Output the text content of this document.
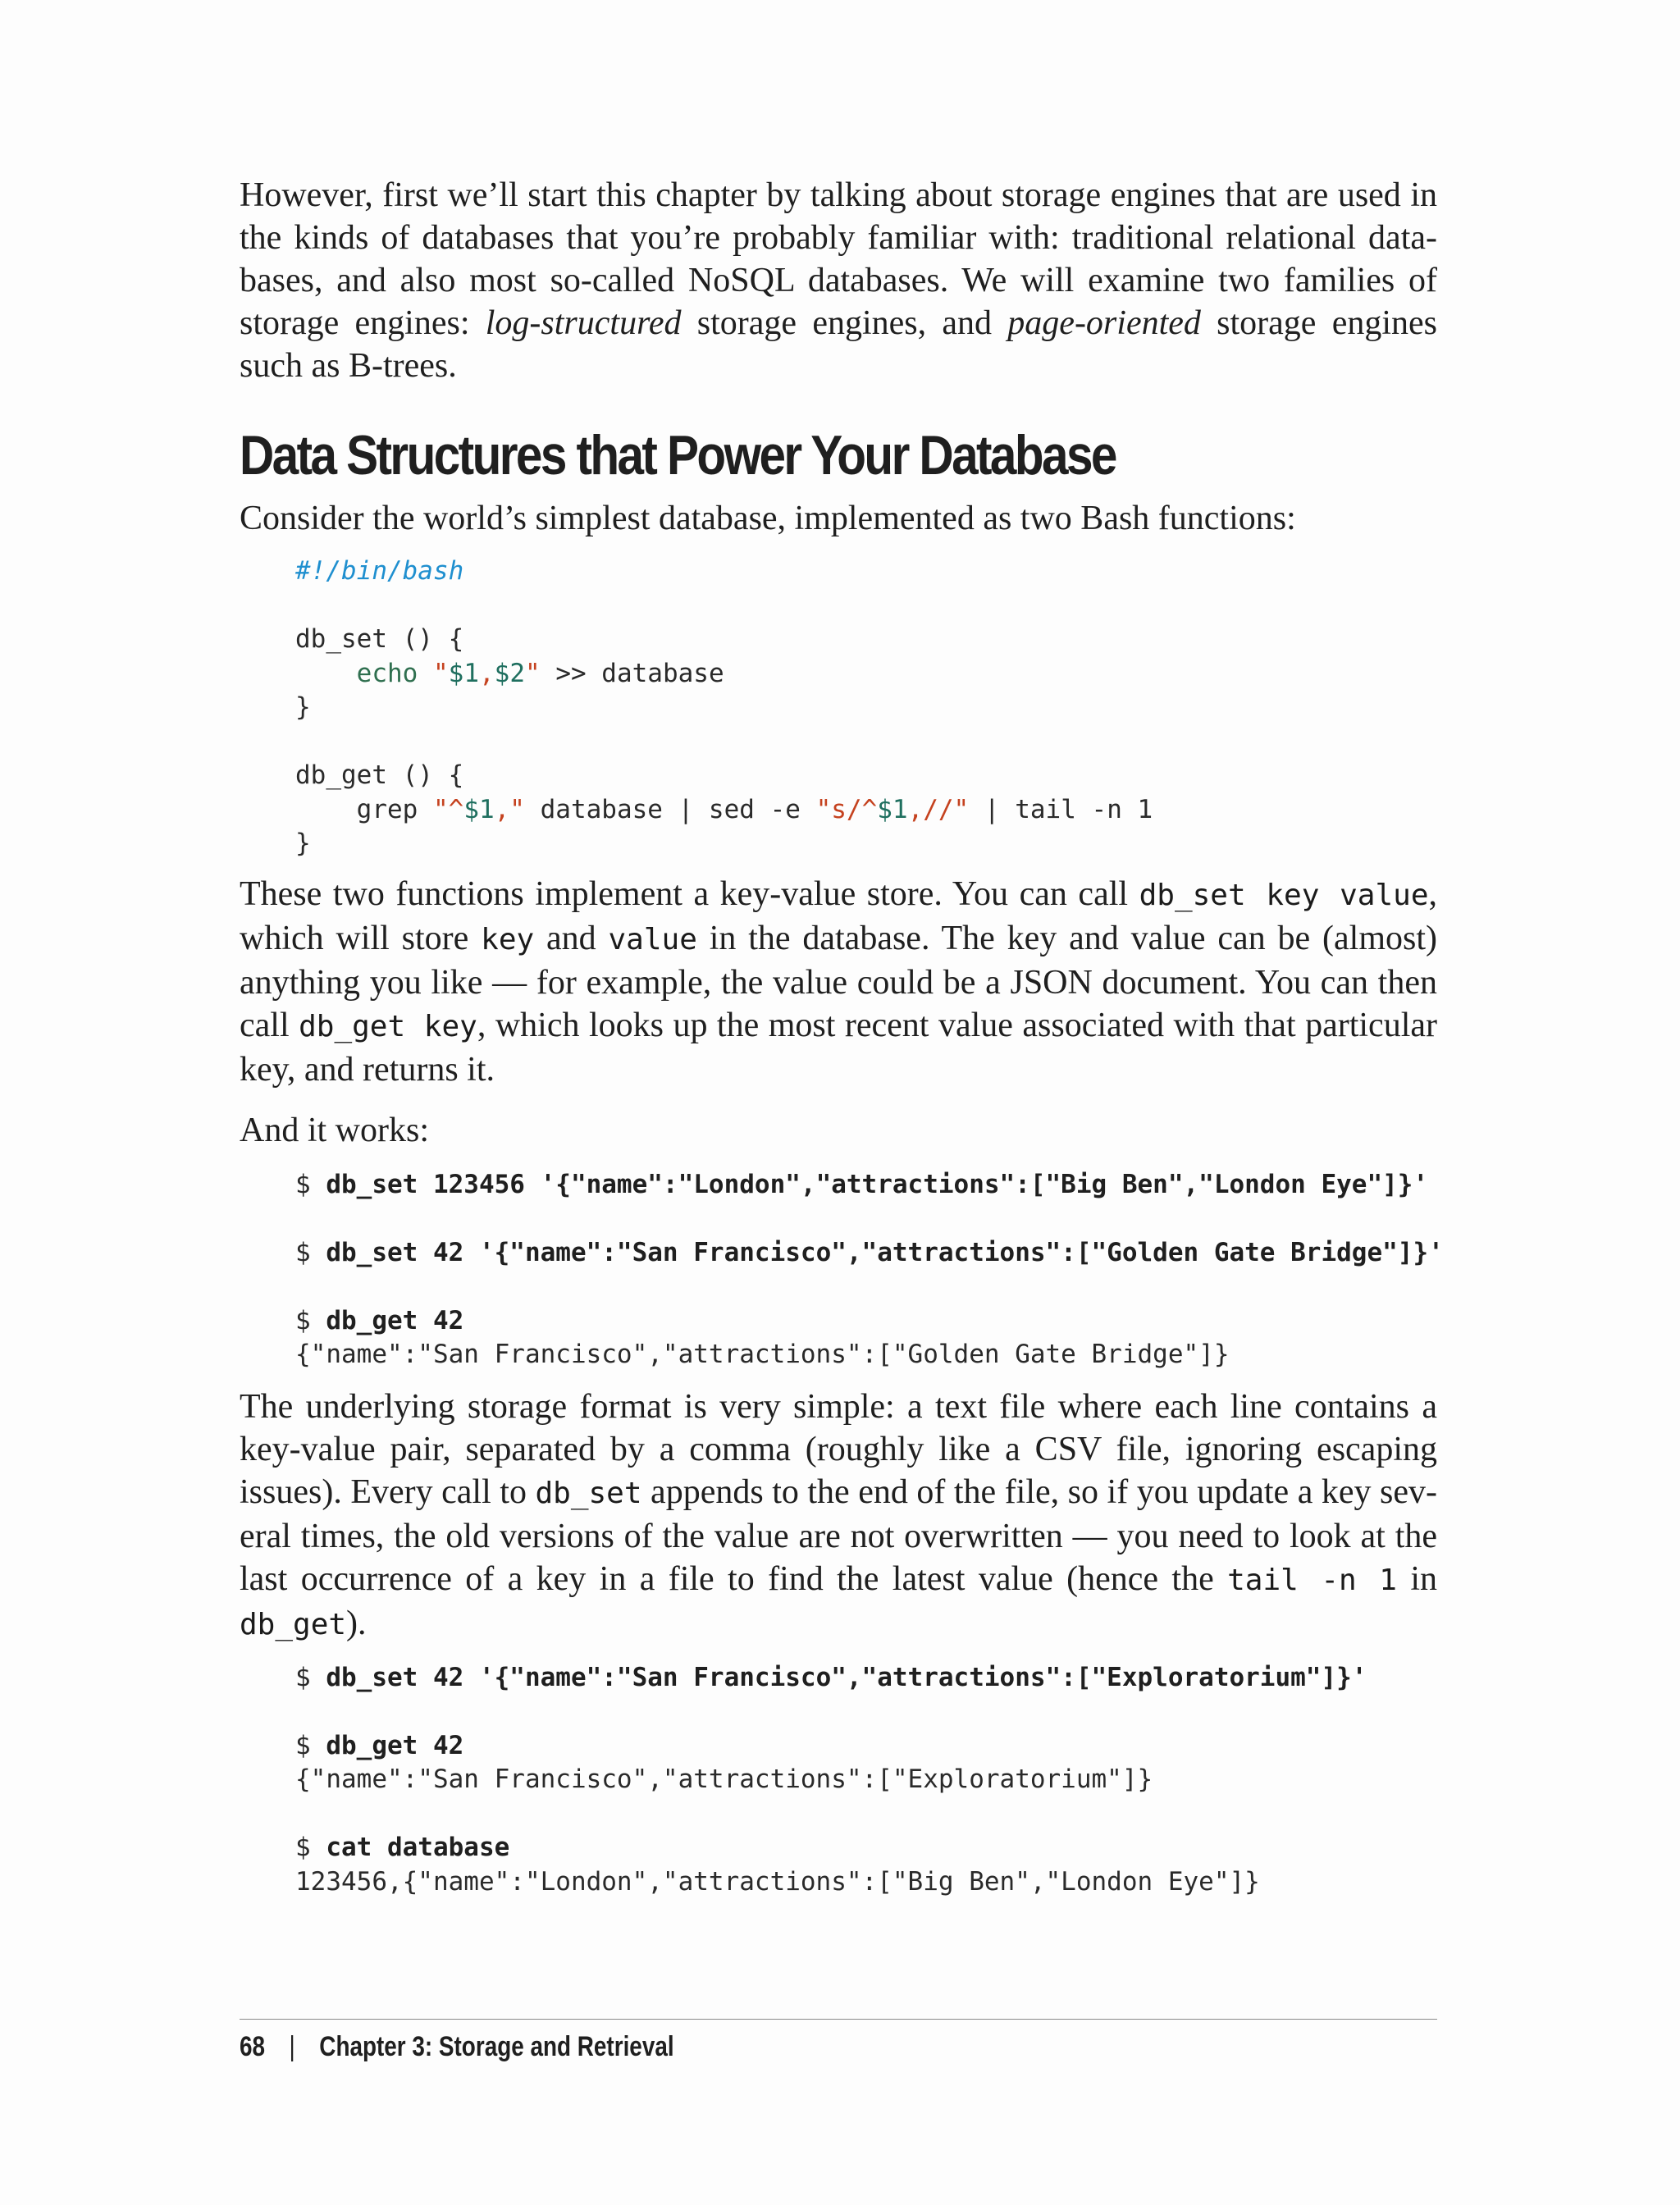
However, first we’ll start this chapter by talking about storage engines that are used in the kinds of databases that you’re probably familiar with: traditional relational data‐ bases, and also most so-called NoSQL databases. We will examine two families of storage engines: log-structured storage engines, and page-oriented storage engines such as B-trees.

Data Structures that Power Your Database

Consider the world’s simplest database, implemented as two Bash functions:

#!/bin/bash

db_set () {
echo "$1,$2" >> database
}

db_get () {
grep "^$1," database | sed -e "s/^$1,//" | tail -n 1
}

These two functions implement a key-value store. You can call db_set key value, which will store key and value in the database. The key and value can be (almost) anything you like — for example, the value could be a JSON document. You can then call db_get key, which looks up the most recent value associated with that particular key, and returns it.

And it works:

$ db_set 123456 '{"name":"London","attractions":["Big Ben","London Eye"]}'

$ db_set 42 '{"name":"San Francisco","attractions":["Golden Gate Bridge"]}'

$ db_get 42
{"name":"San Francisco","attractions":["Golden Gate Bridge"]}

The underlying storage format is very simple: a text file where each line contains a key-value pair, separated by a comma (roughly like a CSV file, ignoring escaping issues). Every call to db_set appends to the end of the file, so if you update a key sev‐ eral times, the old versions of the value are not overwritten — you need to look at the last occurrence of a key in a file to find the latest value (hence the tail -n 1 in db_get).

$ db_set 42 '{"name":"San Francisco","attractions":["Exploratorium"]}'

$ db_get 42
{"name":"San Francisco","attractions":["Exploratorium"]}

$ cat database
123456,{"name":"London","attractions":["Big Ben","London Eye"]}
68 | Chapter 3: Storage and Retrieval
